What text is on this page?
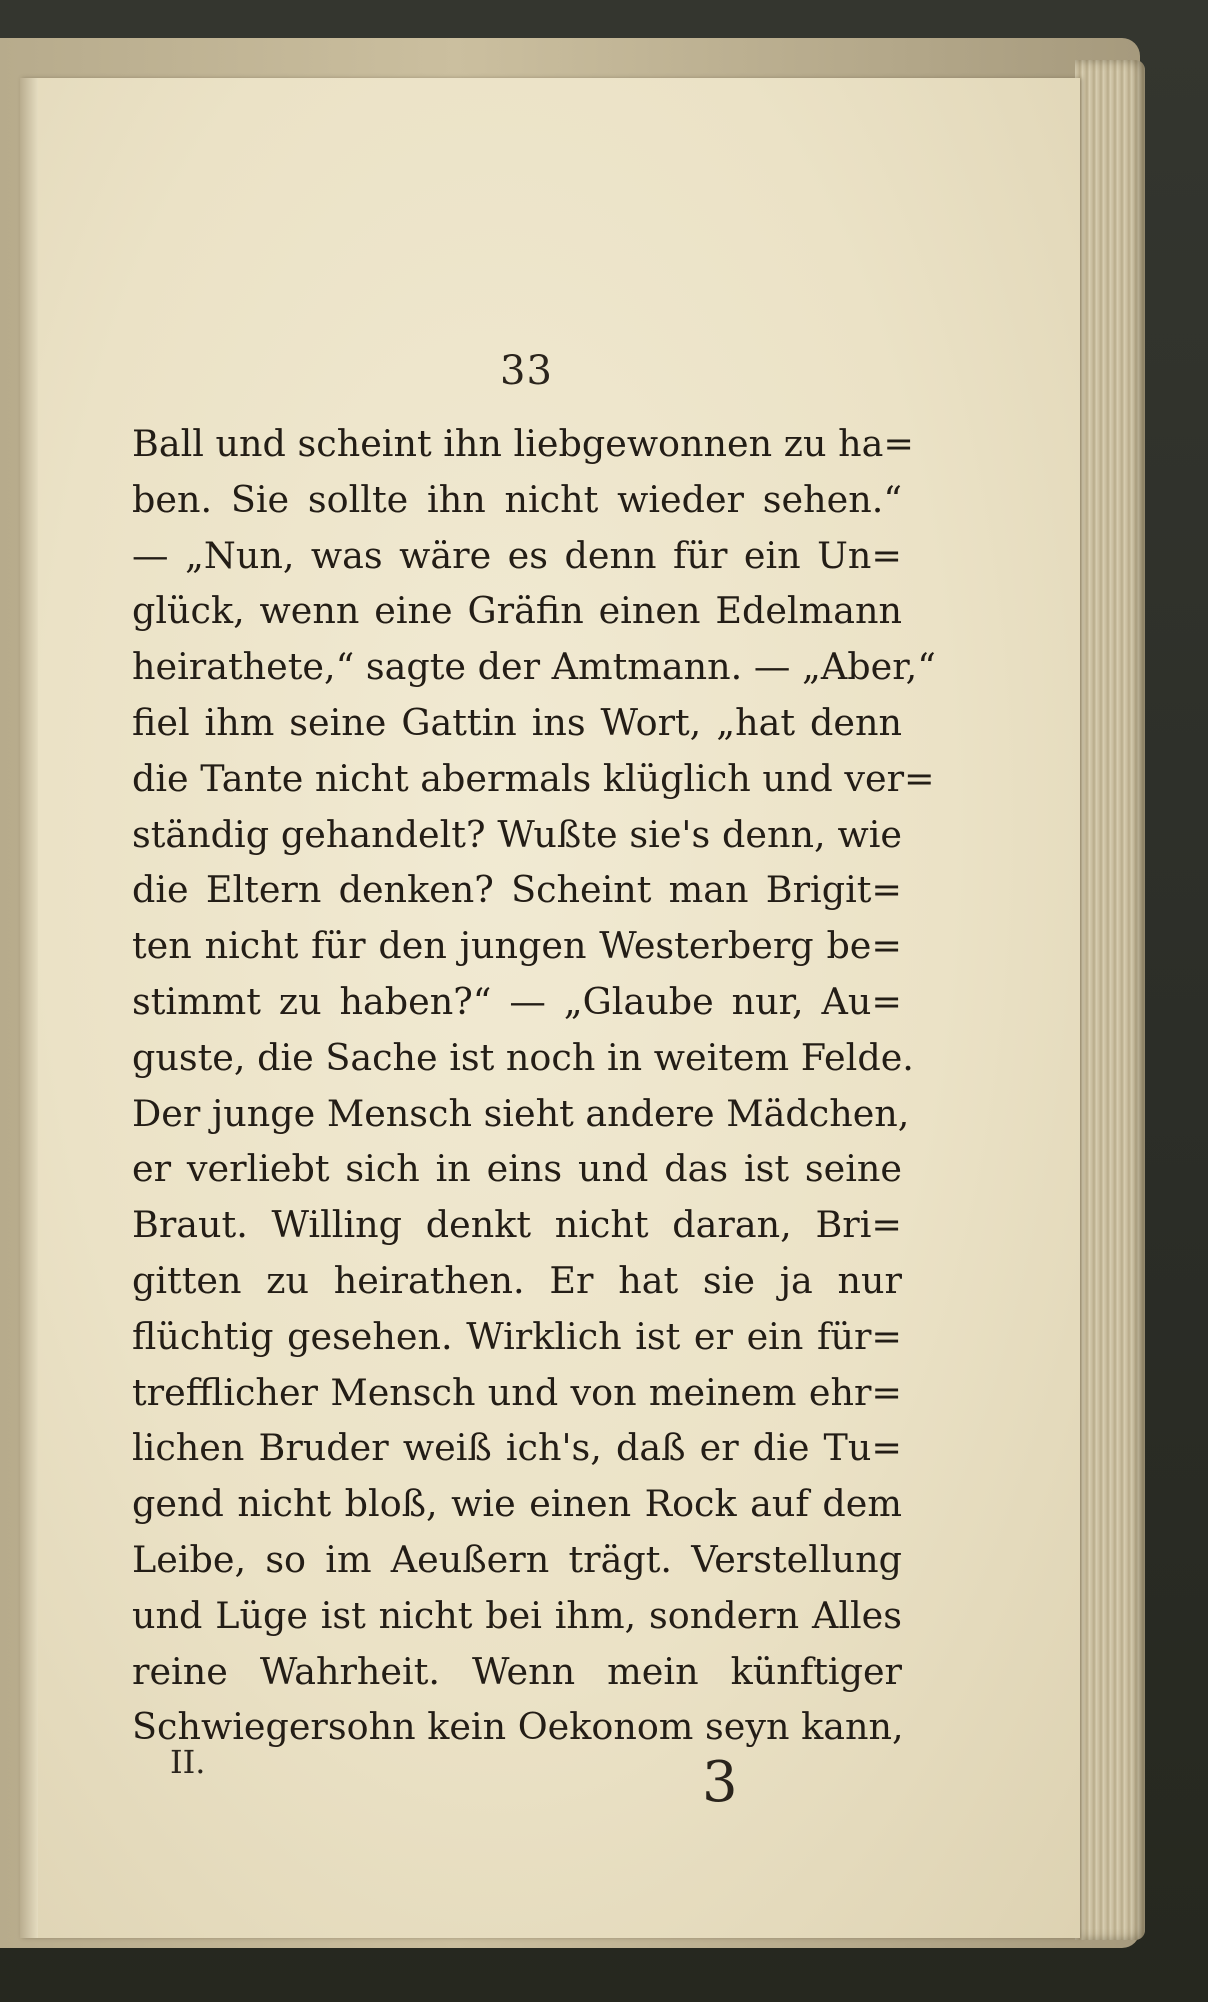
33
Ball und scheint ihn liebgewonnen zu ha=
ben. Sie sollte ihn nicht wieder sehen.“
— „Nun, was wäre es denn für ein Un=
glück, wenn eine Gräfin einen Edelmann
heirathete,“ sagte der Amtmann. — „Aber,“
fiel ihm seine Gattin ins Wort, „hat denn
die Tante nicht abermals klüglich und ver=
ständig gehandelt? Wußte sie's denn, wie
die Eltern denken? Scheint man Brigit=
ten nicht für den jungen Westerberg be=
stimmt zu haben?“ — „Glaube nur, Au=
guste, die Sache ist noch in weitem Felde.
Der junge Mensch sieht andere Mädchen,
er verliebt sich in eins und das ist seine
Braut. Willing denkt nicht daran, Bri=
gitten zu heirathen. Er hat sie ja nur
flüchtig gesehen. Wirklich ist er ein für=
trefflicher Mensch und von meinem ehr=
lichen Bruder weiß ich's, daß er die Tu=
gend nicht bloß, wie einen Rock auf dem
Leibe, so im Aeußern trägt. Verstellung
und Lüge ist nicht bei ihm, sondern Alles
reine Wahrheit. Wenn mein künftiger
Schwiegersohn kein Oekonom seyn kann,
II.	3
